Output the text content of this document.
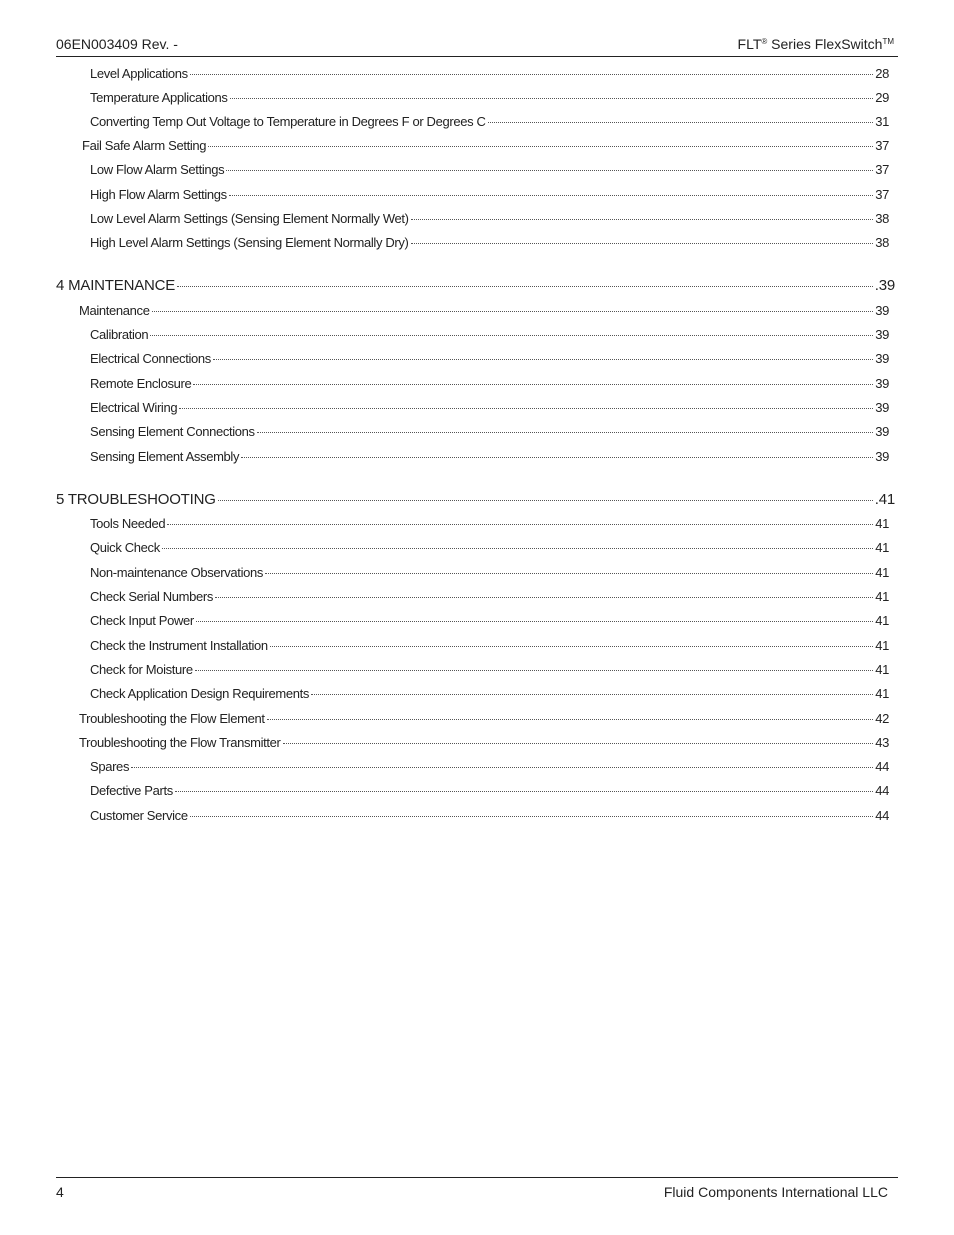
06EN003409 Rev. -	FLT® Series FlexSwitch™
Level Applications	28
Temperature Applications	29
Converting Temp Out Voltage to Temperature in Degrees F or Degrees C	31
Fail Safe Alarm Setting	37
Low Flow Alarm Settings	37
High Flow Alarm Settings	37
Low Level Alarm Settings (Sensing Element Normally Wet)	38
High Level Alarm Settings (Sensing Element Normally Dry)	38
4 MAINTENANCE	.39
Maintenance	39
Calibration	39
Electrical Connections	39
Remote Enclosure	39
Electrical Wiring	39
Sensing Element Connections	39
Sensing Element Assembly	39
5 TROUBLESHOOTING	.41
Tools Needed	41
Quick Check	41
Non-maintenance Observations	41
Check Serial Numbers	41
Check Input Power	41
Check the Instrument Installation	41
Check for Moisture	41
Check Application Design Requirements	41
Troubleshooting the Flow Element	42
Troubleshooting the Flow Transmitter	43
Spares	44
Defective Parts	44
Customer Service	44
4	Fluid Components International LLC
